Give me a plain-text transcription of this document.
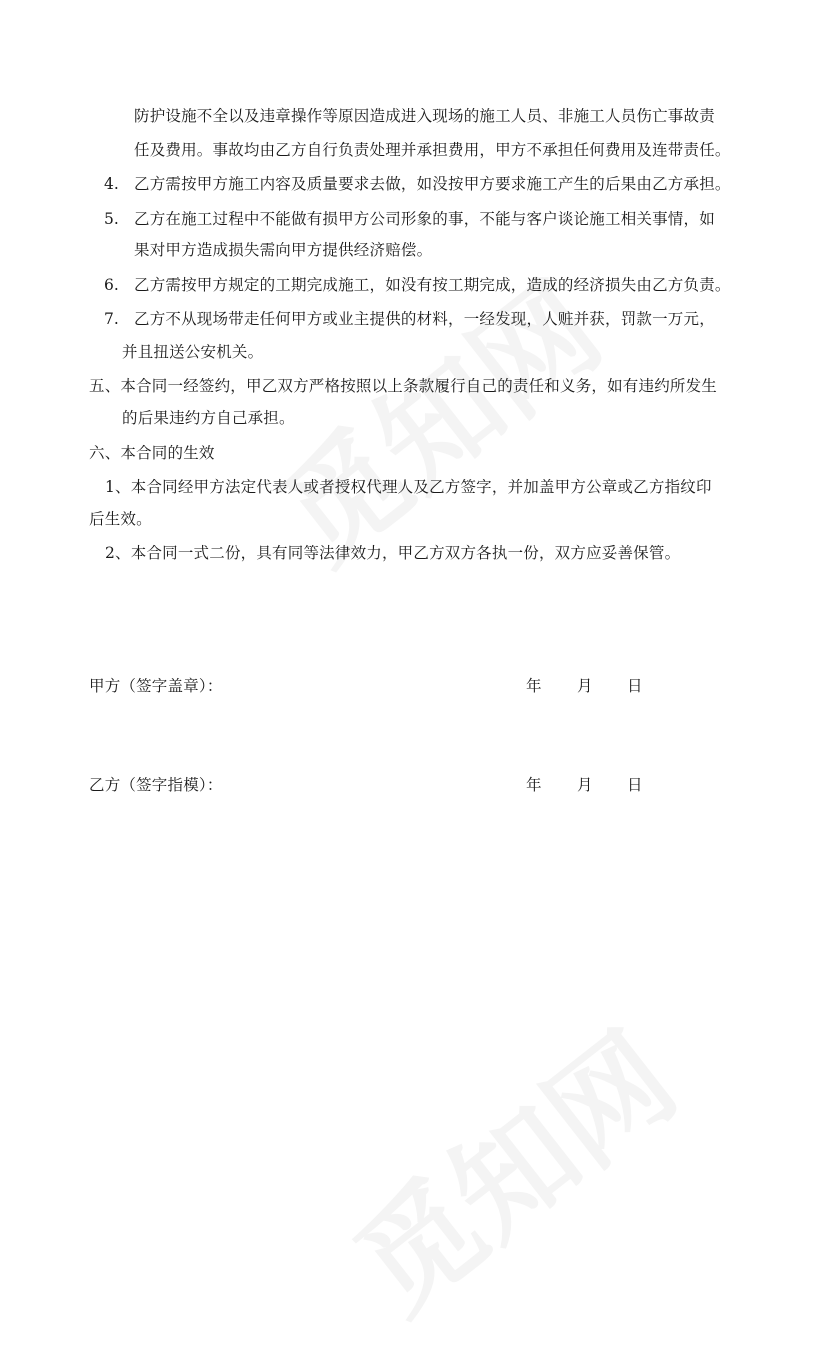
防护设施不全以及违章操作等原因造成进入现场的施工人员、非施工人员伤亡事故责
任及费用。事故均由乙方自行负责处理并承担费用，甲方不承担任何费用及连带责任。
4. 乙方需按甲方施工内容及质量要求去做，如没按甲方要求施工产生的后果由乙方承担。
5. 乙方在施工过程中不能做有损甲方公司形象的事，不能与客户谈论施工相关事情，如
果对甲方造成损失需向甲方提供经济赔偿。
6. 乙方需按甲方规定的工期完成施工，如没有按工期完成，造成的经济损失由乙方负责。
7. 乙方不从现场带走任何甲方或业主提供的材料，一经发现，人赃并获，罚款一万元，
并且扭送公安机关。
五、本合同一经签约，甲乙双方严格按照以上条款履行自己的责任和义务，如有违约所发生
的后果违约方自己承担。
六、本合同的生效
1、本合同经甲方法定代表人或者授权代理人及乙方签字，并加盖甲方公章或乙方指纹印
后生效。
2、本合同一式二份，具有同等法律效力，甲乙方双方各执一份，双方应妥善保管。
甲方（签字盖章）：	年 月 日
乙方（签字指模）：	年 月 日
